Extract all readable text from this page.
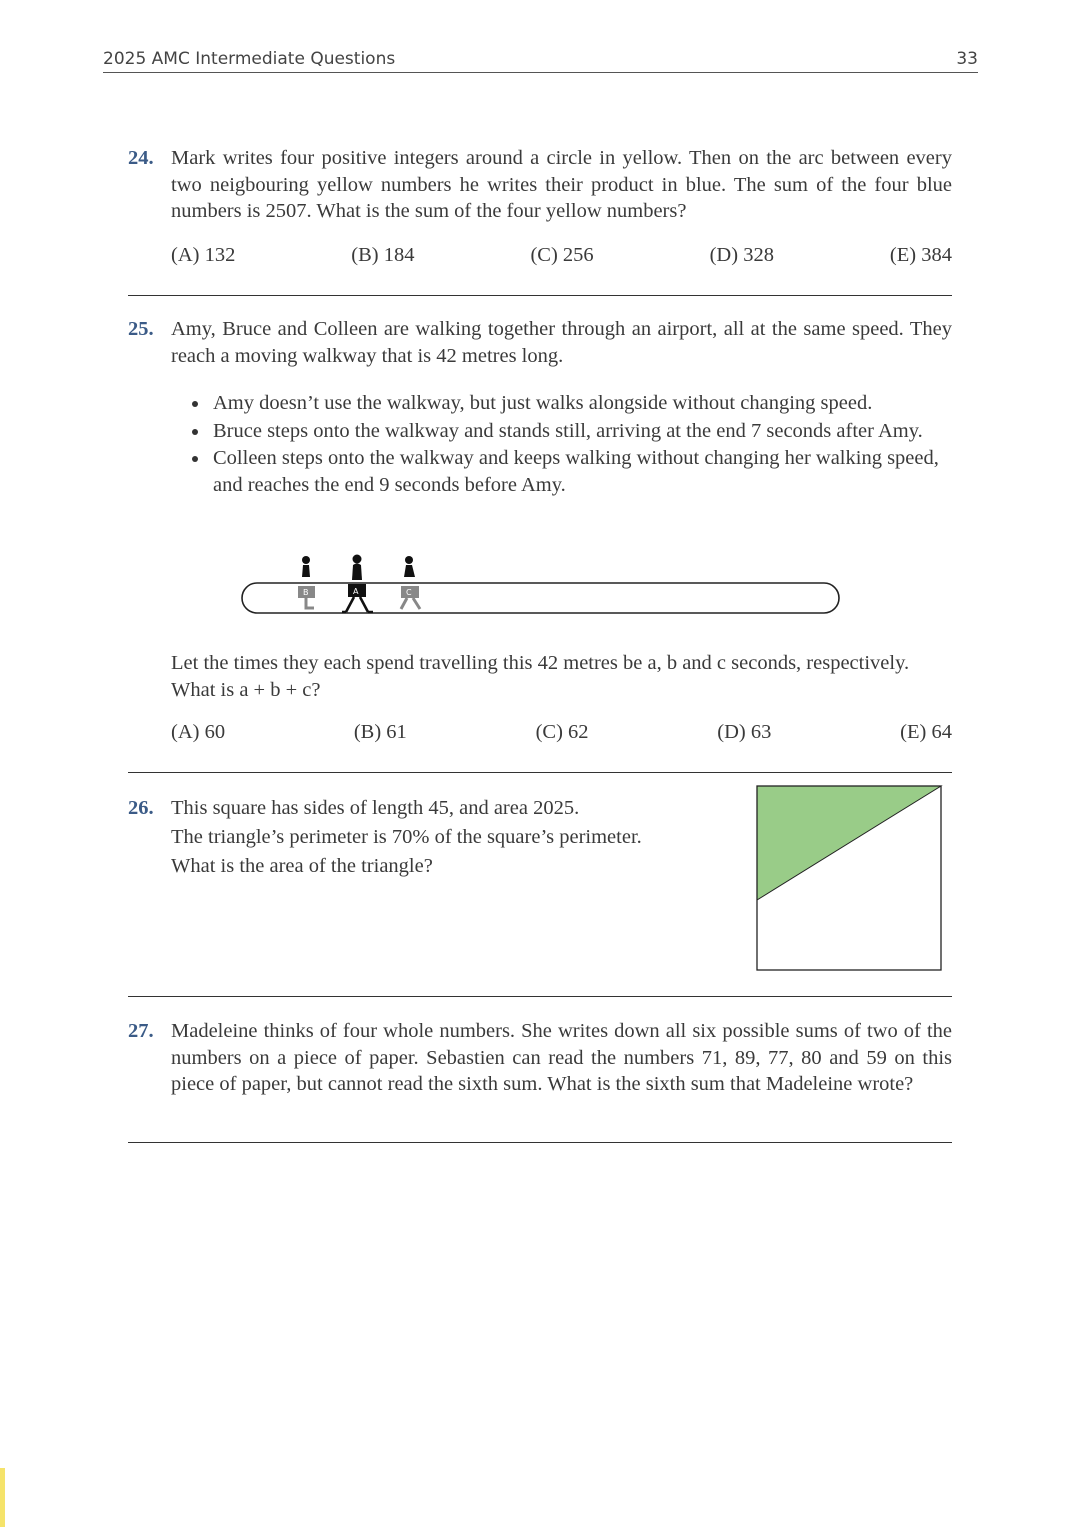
2025 AMC Intermediate Questions	33
24. Mark writes four positive integers around a circle in yellow. Then on the arc between every two neigbouring yellow numbers he writes their product in blue. The sum of the four blue numbers is 2507. What is the sum of the four yellow numbers?
(A) 132	(B) 184	(C) 256	(D) 328	(E) 384
25. Amy, Bruce and Colleen are walking together through an airport, all at the same speed. They reach a moving walkway that is 42 metres long.
Amy doesn’t use the walkway, but just walks alongside without changing speed.
Bruce steps onto the walkway and stands still, arriving at the end 7 seconds after Amy.
Colleen steps onto the walkway and keeps walking without changing her walking speed, and reaches the end 9 seconds before Amy.
B	A	C
Let the times they each spend travelling this 42 metres be a, b and c seconds, respectively. What is a + b + c?
(A) 60	(B) 61	(C) 62	(D) 63	(E) 64
26. This square has sides of length 45, and area 2025.
The triangle’s perimeter is 70% of the square’s perimeter.
What is the area of the triangle?
27. Madeleine thinks of four whole numbers. She writes down all six possible sums of two of the numbers on a piece of paper. Sebastien can read the numbers 71, 89, 77, 80 and 59 on this piece of paper, but cannot read the sixth sum. What is the sixth sum that Madeleine wrote?
